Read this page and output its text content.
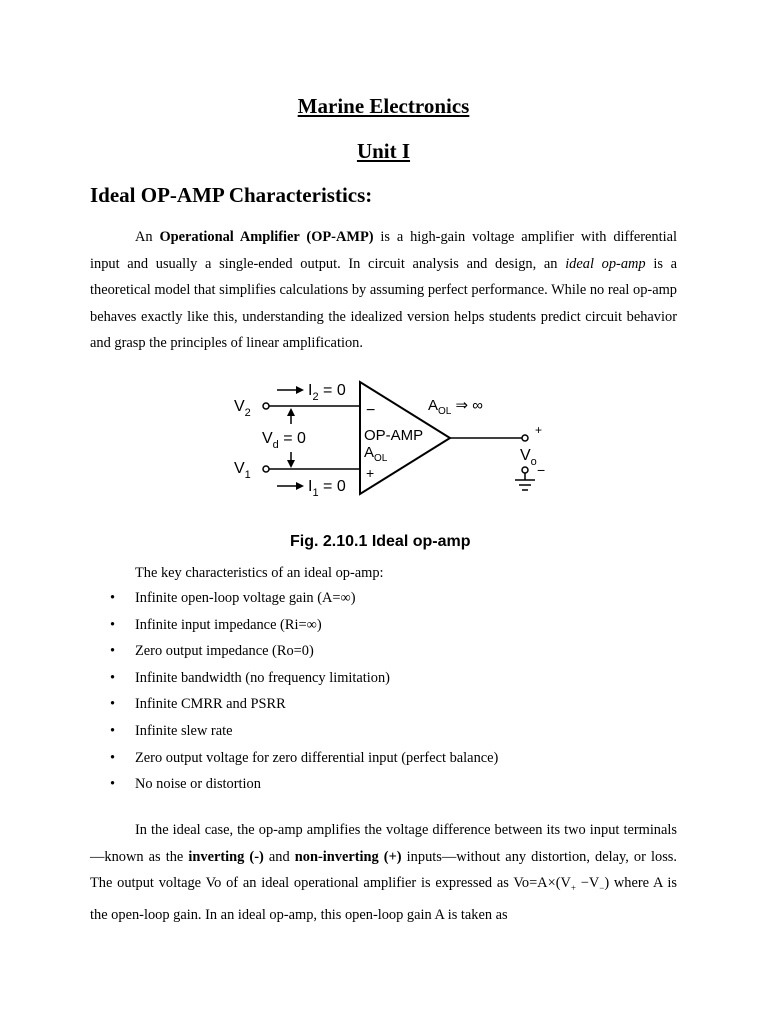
Marine Electronics
Unit I
Ideal OP-AMP Characteristics:

An Operational Amplifier (OP-AMP) is a high-gain voltage amplifier with differential input and usually a single-ended output. In circuit analysis and design, an ideal op-amp is a theoretical model that simplifies calculations by assuming perfect performance. While no real op-amp behaves exactly like this, understanding the idealized version helps students predict circuit behavior and grasp the principles of linear amplification.

$V_2$
$V_1$
$I_2 = 0$
$I_1 = 0$
$V_d = 0$
−
+
OP-AMP
$A_{OL}$
$A_{OL}$ ⇒ ∞
$V_o$
+
−
Fig. 2.10.1 Ideal op-amp
The key characteristics of an ideal op-amp:
• Infinite open-loop voltage gain (A=∞)
• Infinite input impedance (Ri=∞)
• Zero output impedance (Ro=0)
• Infinite bandwidth (no frequency limitation)
• Infinite CMRR and PSRR
• Infinite slew rate
• Zero output voltage for zero differential input (perfect balance)
• No noise or distortion

In the ideal case, the op-amp amplifies the voltage difference between its two input terminals—known as the inverting (-) and non-inverting (+) inputs—without any distortion, delay, or loss. The output voltage Vo of an ideal operational amplifier is expressed as $Vo=A\times(V_+ -V_-)$ where A is the open-loop gain. In an ideal op-amp, this open-loop gain A is taken as
